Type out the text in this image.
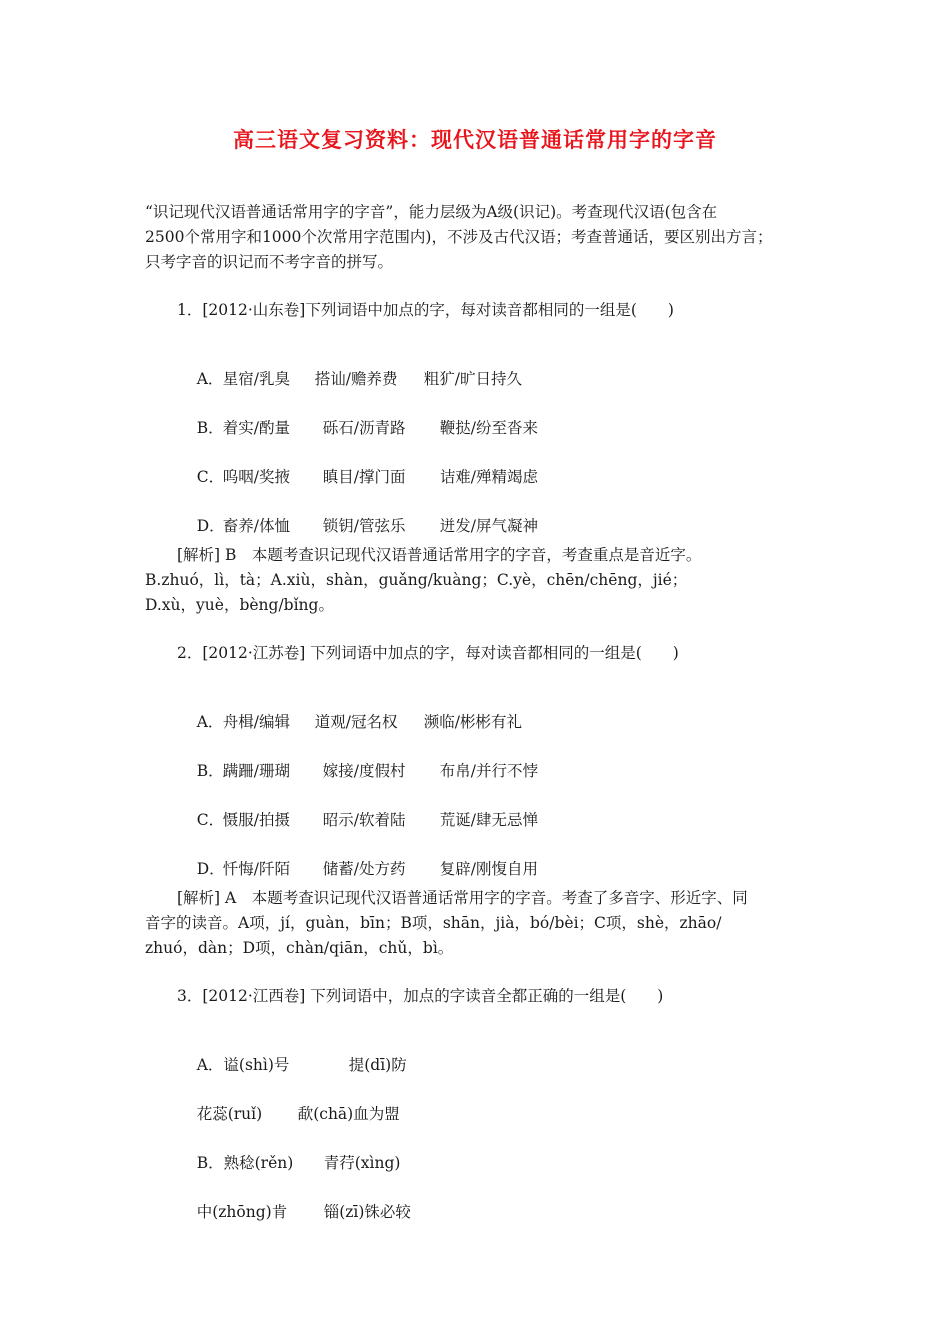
高三语文复习资料：现代汉语普通话常用字的字音
“识记现代汉语普通话常用字的字音”，能力层级为A级(识记)。考查现代汉语(包含在
2500个常用字和1000个次常用字范围内)，不涉及古代汉语；考查普通话，要区别出方言；
只考字音的识记而不考字音的拼写。
1．[2012·山东卷]下列词语中加点的字，每对读音都相同的一组是(　　)

A．星宿/乳臭 搭讪/赡养费 粗犷/旷日持久

B．着实/酌量 砾石/沥青路 鞭挞/纷至沓来

C．呜咽/奖掖 瞋目/撑门面 诘难/殚精竭虑

D．畜养/体恤 锁钥/管弦乐 迸发/屏气凝神

[解析] B　本题考查识记现代汉语普通话常用字的字音，考查重点是音近字。
B.zhuó，lì，tà；A.xiù，shàn，guǎng/kuàng；C.yè，chēn/chēng，jié；
D.xù，yuè，bèng/bǐng。
2．[2012·江苏卷] 下列词语中加点的字，每对读音都相同的一组是(　　)

A．舟楫/编辑 道观/冠名权 濒临/彬彬有礼

B．蹒跚/珊瑚 嫁接/度假村 布帛/并行不悖

C．慑服/拍摄 昭示/软着陆 荒诞/肆无忌惮

D．忏悔/阡陌 储蓄/处方药 复辟/刚愎自用

[解析] A　本题考查识记现代汉语普通话常用字的字音。考查了多音字、形近字、同
音字的读音。A项，jí，guàn，bīn；B项，shān，jià，bó/bèi；C项，shè，zhāo/
zhuó，dàn；D项，chàn/qiān，chǔ，bì。
3．[2012·江西卷] 下列词语中，加点的字读音全都正确的一组是(　　)

A．谥(shì)号	提(dī)防

花蕊(ruǐ) 歃(chā)血为盟

B．熟稔(rěn) 青荇(xìng)

中(zhōng)肯 锱(zī)铢必较
